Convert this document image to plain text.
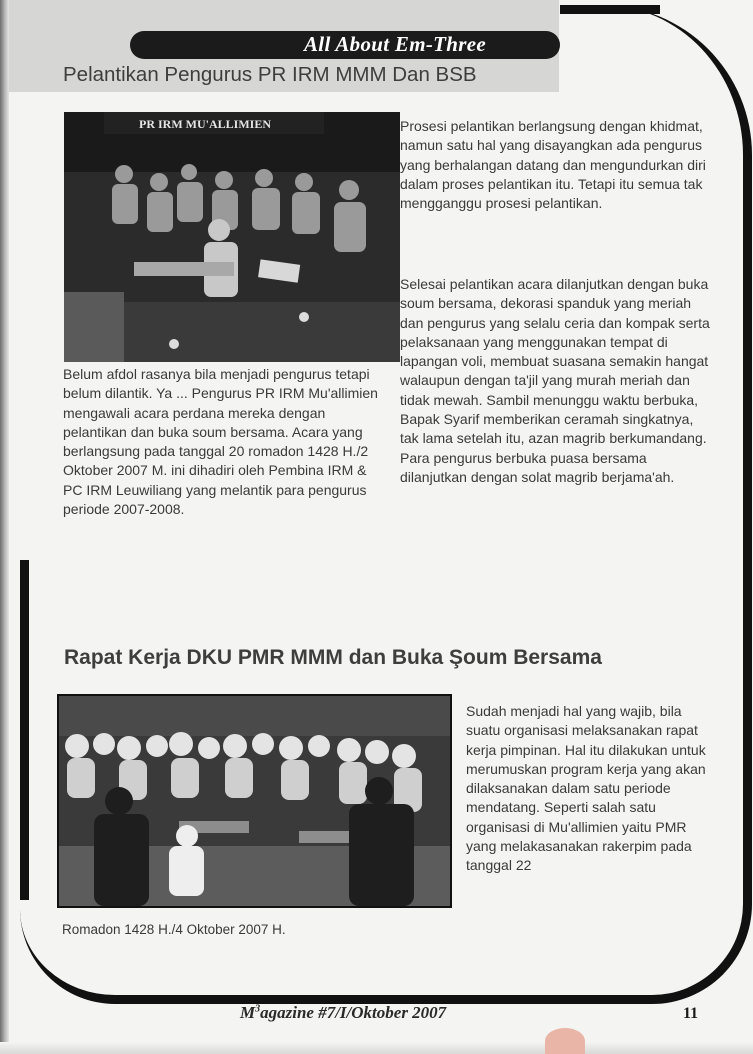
All About Em-Three
Pelantikan Pengurus PR IRM MMM Dan BSB
PR IRM MU'ALLIMIEN	Prosesi pelantikan berlangsung dengan khidmat, namun satu hal yang disayangkan ada pengurus yang berhalangan datang dan mengundurkan diri dalam proses pelantikan itu. Tetapi itu semua tak mengganggu prosesi pelantikan.
Selesai pelantikan acara dilanjutkan dengan buka soum bersama, dekorasi spanduk yang meriah dan pengurus yang selalu ceria dan kompak serta pelaksanaan yang menggunakan tempat di lapangan voli, membuat suasana semakin hangat walaupun dengan ta'jil yang murah meriah dan tidak mewah. Sambil menunggu waktu berbuka, Bapak Syarif memberikan ceramah singkatnya, tak lama setelah itu, azan magrib berkumandang. Para pengurus berbuka puasa bersama dilanjutkan dengan solat magrib berjama'ah.
Belum afdol rasanya bila menjadi pengurus tetapi belum dilantik. Ya ... Pengurus PR IRM Mu'allimien mengawali acara perdana mereka dengan pelantikan dan buka soum bersama. Acara yang berlangsung pada tanggal 20 romadon 1428 H./2 Oktober 2007 M. ini dihadiri oleh Pembina IRM & PC IRM Leuwiliang yang melantik para pengurus periode 2007-2008.
Rapat Kerja DKU PMR MMM dan Buka Şoum Bersama
Sudah menjadi hal yang wajib, bila suatu organisasi melaksanakan rapat kerja pimpinan. Hal itu dilakukan untuk merumuskan program kerja yang akan dilaksanakan dalam satu periode mendatang. Seperti salah satu organisasi di Mu'allimien yaitu PMR yang melakasanakan rakerpim pada tanggal 22
Romadon 1428 H./4 Oktober 2007 H.
$M^3agazine$ #7/I/Oktober 2007	11
